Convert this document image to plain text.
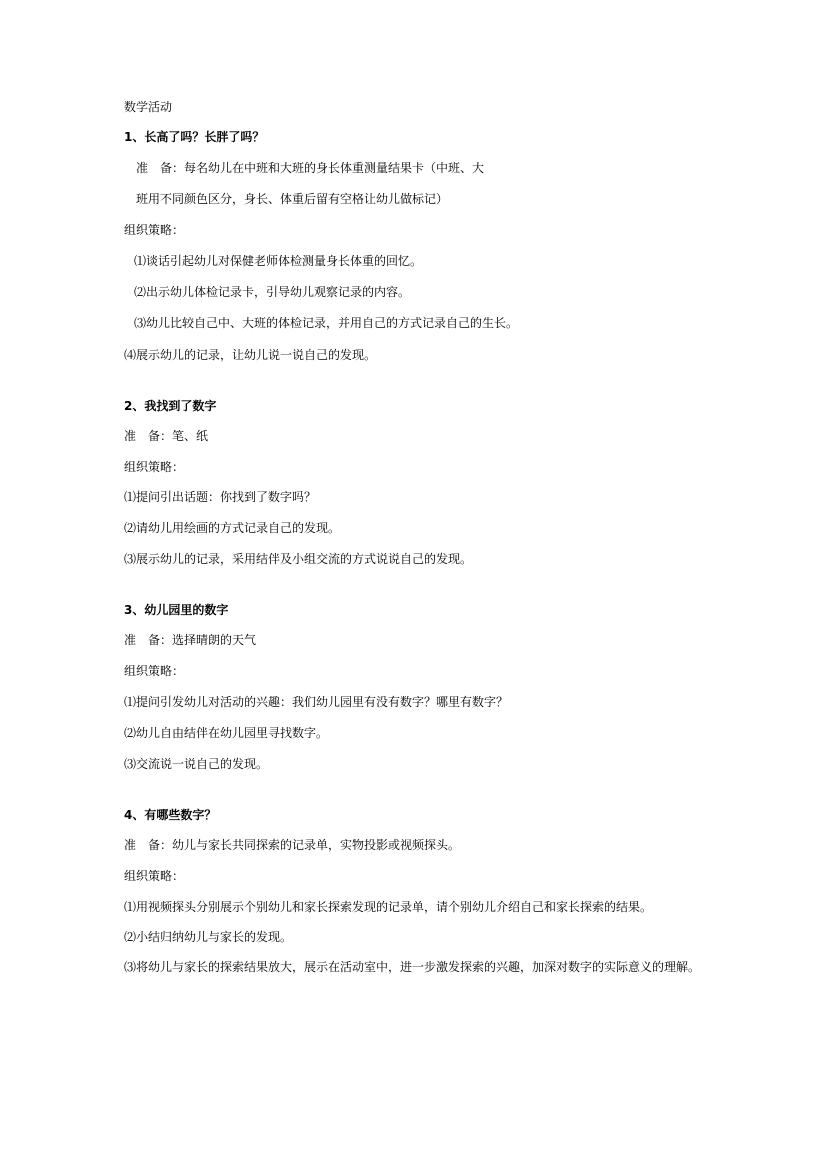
数学活动
1、长高了吗？长胖了吗？
准　备：每名幼儿在中班和大班的身长体重测量结果卡（中班、大
班用不同颜色区分，身长、体重后留有空格让幼儿做标记）
组织策略：
⑴谈话引起幼儿对保健老师体检测量身长体重的回忆。
⑵出示幼儿体检记录卡，引导幼儿观察记录的内容。
⑶幼儿比较自己中、大班的体检记录，并用自己的方式记录自己的生长。
⑷展示幼儿的记录，让幼儿说一说自己的发现。
2、我找到了数字
准　备：笔、纸
组织策略：
⑴提问引出话题：你找到了数字吗？
⑵请幼儿用绘画的方式记录自己的发现。
⑶展示幼儿的记录，采用结伴及小组交流的方式说说自己的发现。
3、幼儿园里的数字
准　备：选择晴朗的天气
组织策略：
⑴提问引发幼儿对活动的兴趣：我们幼儿园里有没有数字？哪里有数字？
⑵幼儿自由结伴在幼儿园里寻找数字。
⑶交流说一说自己的发现。
4、有哪些数字？
准　备：幼儿与家长共同探索的记录单，实物投影或视频探头。
组织策略：
⑴用视频探头分别展示个别幼儿和家长探索发现的记录单，请个别幼儿介绍自己和家长探索的结果。
⑵小结归纳幼儿与家长的发现。
⑶将幼儿与家长的探索结果放大，展示在活动室中，进一步激发探索的兴趣，加深对数字的实际意义的理解。
